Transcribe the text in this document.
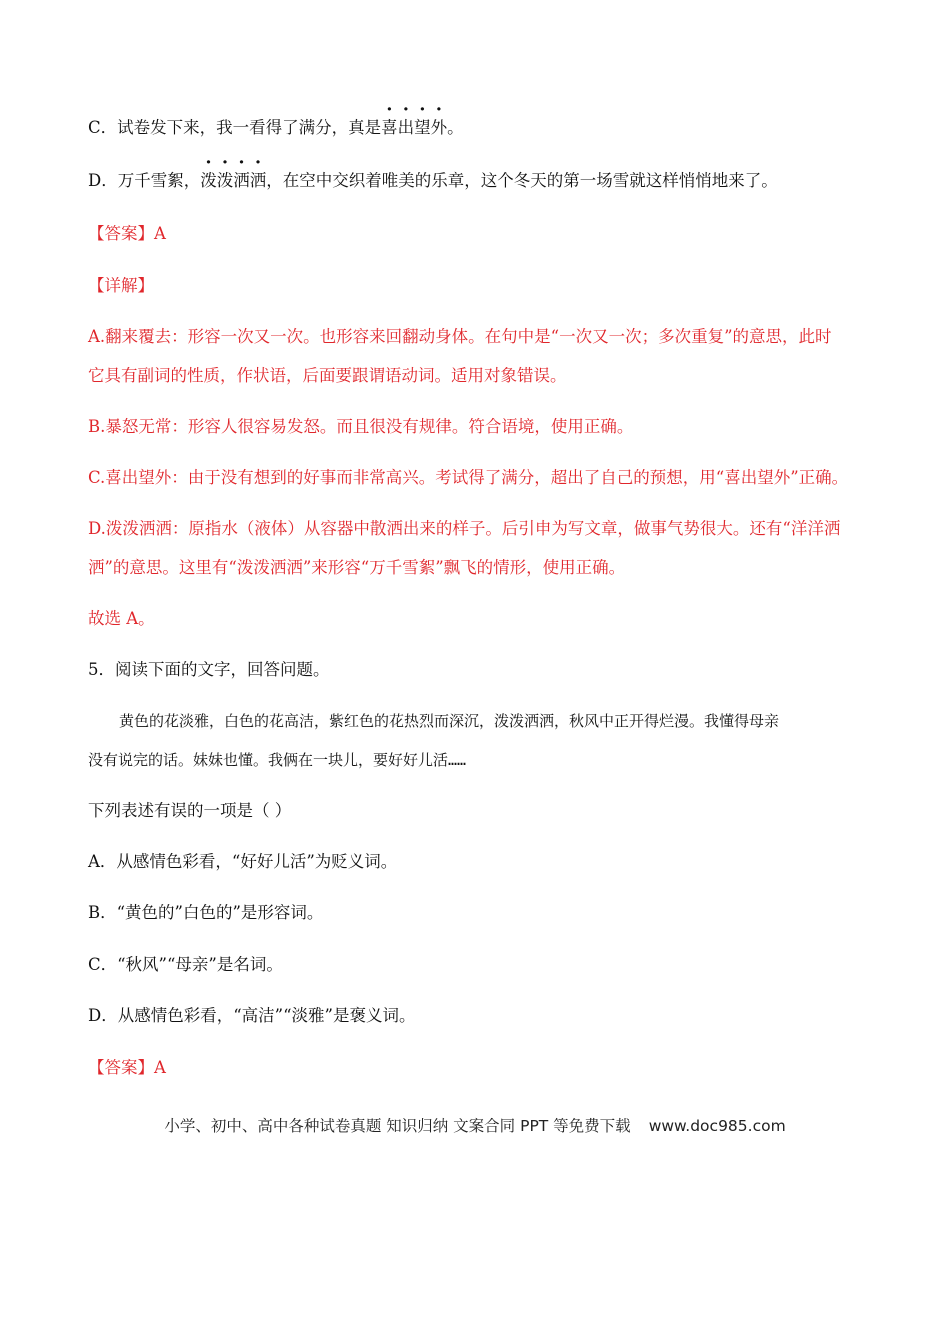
C．试卷发下来，我一看得了满分，真是喜出望外。
D．万千雪絮，泼泼洒洒，在空中交织着唯美的乐章，这个冬天的第一场雪就这样悄悄地来了。
【答案】A
【详解】
A.翻来覆去：形容一次又一次。也形容来回翻动身体。在句中是“一次又一次；多次重复”的意思，此时
它具有副词的性质，作状语，后面要跟谓语动词。适用对象错误。
B.暴怒无常：形容人很容易发怒。而且很没有规律。符合语境，使用正确。
C.喜出望外：由于没有想到的好事而非常高兴。考试得了满分，超出了自己的预想，用“喜出望外”正确。
D.泼泼洒洒：原指水（液体）从容器中散洒出来的样子。后引申为写文章，做事气势很大。还有“洋洋洒
洒”的意思。这里有“泼泼洒洒”来形容“万千雪絮”飘飞的情形，使用正确。
故选 A。
5．阅读下面的文字，回答问题。
黄色的花淡雅，白色的花高洁，紫红色的花热烈而深沉，泼泼洒洒，秋风中正开得烂漫。我懂得母亲
没有说完的话。妹妹也懂。我俩在一块儿，要好好儿活……
下列表述有误的一项是（ ）
A．从感情色彩看，“好好儿活”为贬义词。
B．“黄色的”白色的”是形容词。
C．“秋风”“母亲”是名词。
D．从感情色彩看，“高洁”“淡雅”是褒义词。
【答案】A
小学、初中、高中各种试卷真题 知识归纳 文案合同 PPT 等免费下载 www.doc985.com
